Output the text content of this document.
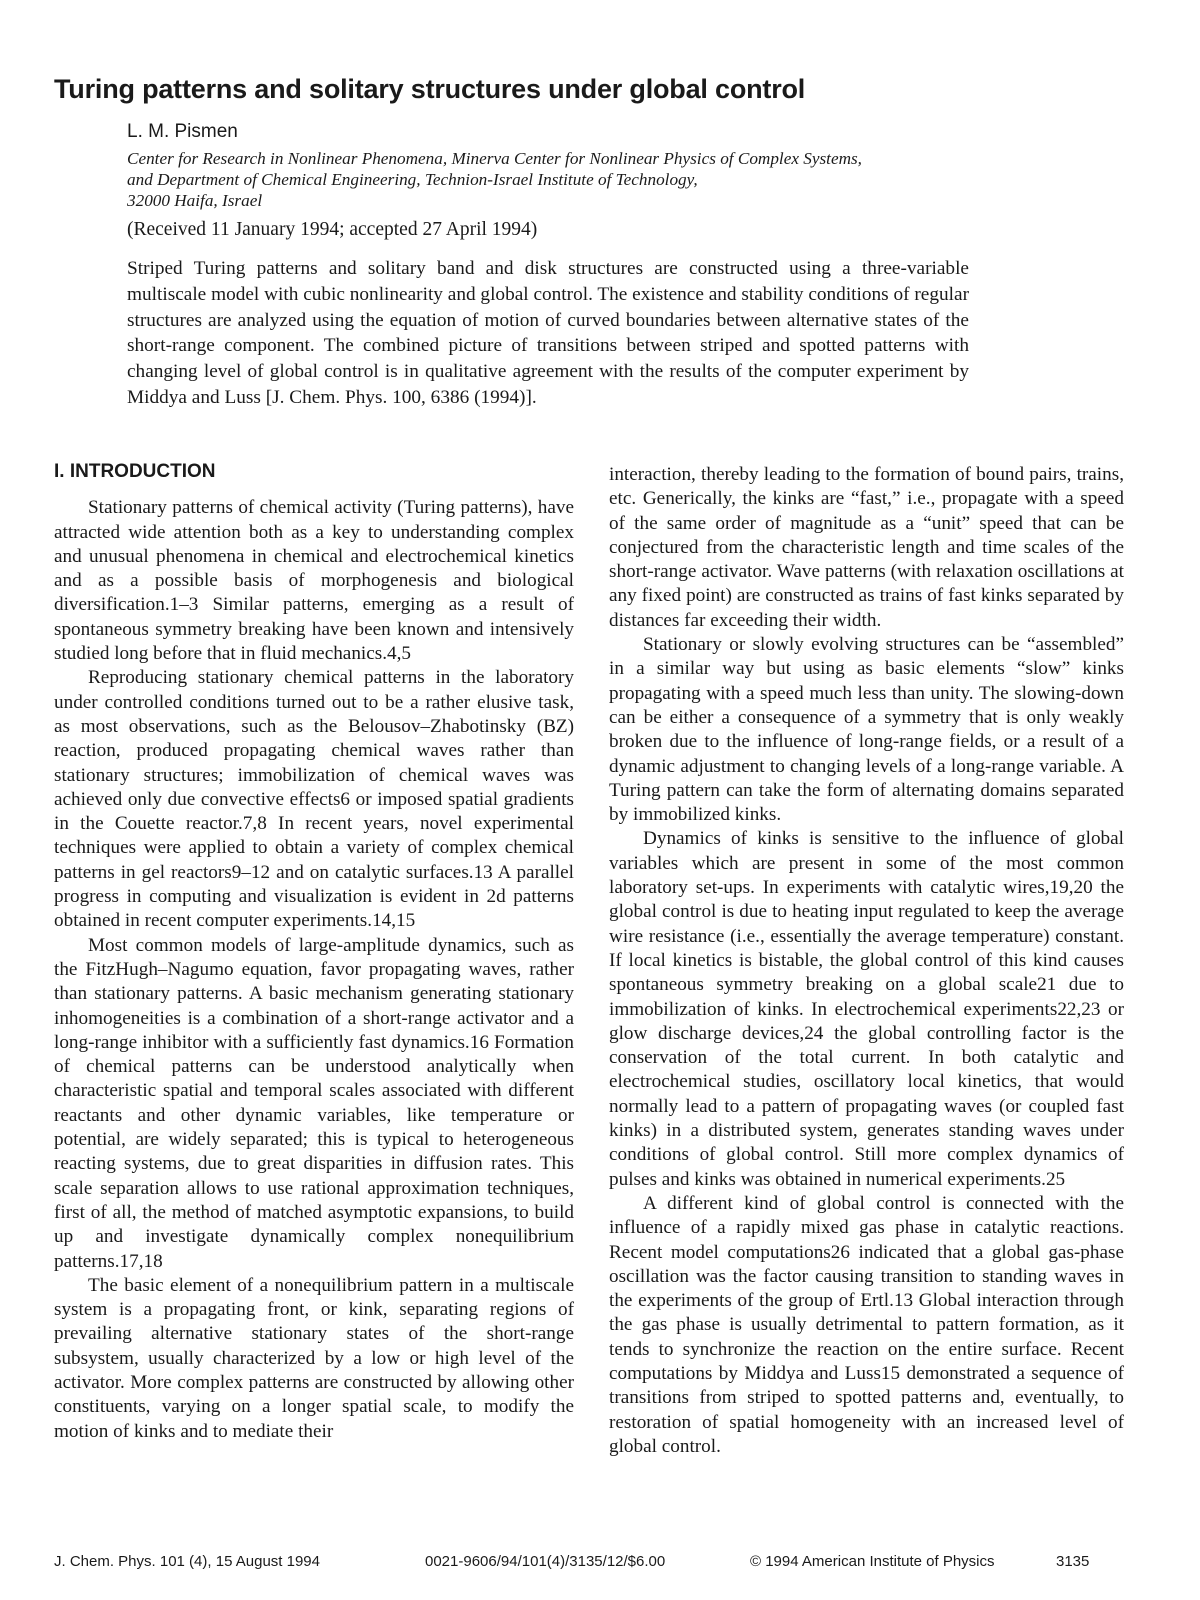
Turing patterns and solitary structures under global control
L. M. Pismen
Center for Research in Nonlinear Phenomena, Minerva Center for Nonlinear Physics of Complex Systems,
and Department of Chemical Engineering, Technion-Israel Institute of Technology,
32000 Haifa, Israel
(Received 11 January 1994; accepted 27 April 1994)
Striped Turing patterns and solitary band and disk structures are constructed using a three-variable multiscale model with cubic nonlinearity and global control. The existence and stability conditions of regular structures are analyzed using the equation of motion of curved boundaries between alternative states of the short-range component. The combined picture of transitions between striped and spotted patterns with changing level of global control is in qualitative agreement with the results of the computer experiment by Middya and Luss [J. Chem. Phys. 100, 6386 (1994)].
I. INTRODUCTION

Stationary patterns of chemical activity (Turing patterns), have attracted wide attention both as a key to understanding complex and unusual phenomena in chemical and electrochemical kinetics and as a possible basis of morphogenesis and biological diversification.1–3 Similar patterns, emerging as a result of spontaneous symmetry breaking have been known and intensively studied long before that in fluid mechanics.4,5

Reproducing stationary chemical patterns in the laboratory under controlled conditions turned out to be a rather elusive task, as most observations, such as the Belousov–Zhabotinsky (BZ) reaction, produced propagating chemical waves rather than stationary structures; immobilization of chemical waves was achieved only due convective effects6 or imposed spatial gradients in the Couette reactor.7,8 In recent years, novel experimental techniques were applied to obtain a variety of complex chemical patterns in gel reactors9–12 and on catalytic surfaces.13 A parallel progress in computing and visualization is evident in 2d patterns obtained in recent computer experiments.14,15

Most common models of large-amplitude dynamics, such as the FitzHugh–Nagumo equation, favor propagating waves, rather than stationary patterns. A basic mechanism generating stationary inhomogeneities is a combination of a short-range activator and a long-range inhibitor with a sufficiently fast dynamics.16 Formation of chemical patterns can be understood analytically when characteristic spatial and temporal scales associated with different reactants and other dynamic variables, like temperature or potential, are widely separated; this is typical to heterogeneous reacting systems, due to great disparities in diffusion rates. This scale separation allows to use rational approximation techniques, first of all, the method of matched asymptotic expansions, to build up and investigate dynamically complex nonequilibrium patterns.17,18

The basic element of a nonequilibrium pattern in a multiscale system is a propagating front, or kink, separating regions of prevailing alternative stationary states of the short-range subsystem, usually characterized by a low or high level of the activator. More complex patterns are constructed by allowing other constituents, varying on a longer spatial scale, to modify the motion of kinks and to mediate their

interaction, thereby leading to the formation of bound pairs, trains, etc. Generically, the kinks are “fast,” i.e., propagate with a speed of the same order of magnitude as a “unit” speed that can be conjectured from the characteristic length and time scales of the short-range activator. Wave patterns (with relaxation oscillations at any fixed point) are constructed as trains of fast kinks separated by distances far exceeding their width.

Stationary or slowly evolving structures can be “assembled” in a similar way but using as basic elements “slow” kinks propagating with a speed much less than unity. The slowing-down can be either a consequence of a symmetry that is only weakly broken due to the influence of long-range fields, or a result of a dynamic adjustment to changing levels of a long-range variable. A Turing pattern can take the form of alternating domains separated by immobilized kinks.

Dynamics of kinks is sensitive to the influence of global variables which are present in some of the most common laboratory set-ups. In experiments with catalytic wires,19,20 the global control is due to heating input regulated to keep the average wire resistance (i.e., essentially the average temperature) constant. If local kinetics is bistable, the global control of this kind causes spontaneous symmetry breaking on a global scale21 due to immobilization of kinks. In electrochemical experiments22,23 or glow discharge devices,24 the global controlling factor is the conservation of the total current. In both catalytic and electrochemical studies, oscillatory local kinetics, that would normally lead to a pattern of propagating waves (or coupled fast kinks) in a distributed system, generates standing waves under conditions of global control. Still more complex dynamics of pulses and kinks was obtained in numerical experiments.25

A different kind of global control is connected with the influence of a rapidly mixed gas phase in catalytic reactions. Recent model computations26 indicated that a global gas-phase oscillation was the factor causing transition to standing waves in the experiments of the group of Ertl.13 Global interaction through the gas phase is usually detrimental to pattern formation, as it tends to synchronize the reaction on the entire surface. Recent computations by Middya and Luss15 demonstrated a sequence of transitions from striped to spotted patterns and, eventually, to restoration of spatial homogeneity with an increased level of global control.

J. Chem. Phys. 101 (4), 15 August 1994	0021-9606/94/101(4)/3135/12/$6.00	© 1994 American Institute of Physics	3135
